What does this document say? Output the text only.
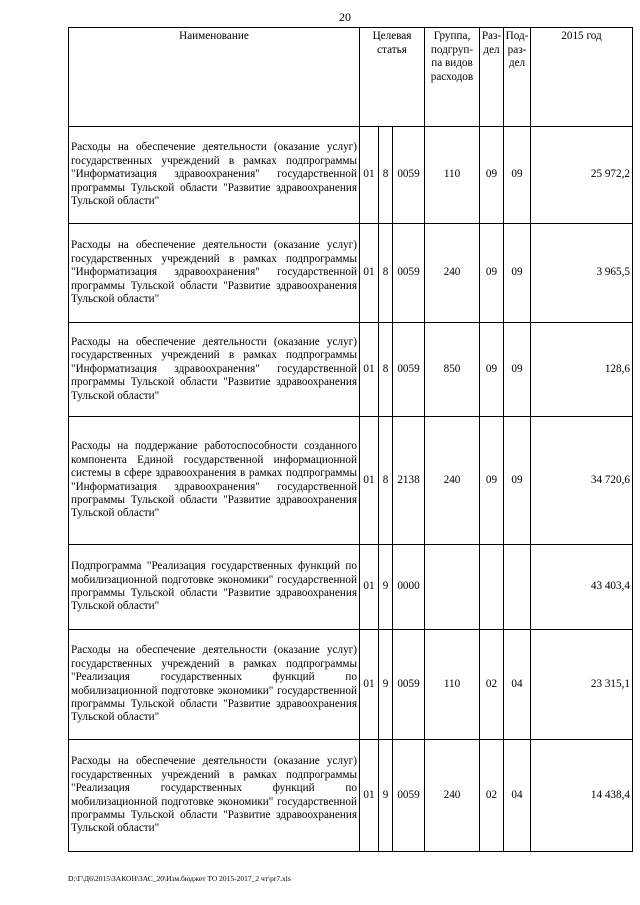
20
Наименование	Целевая статья			Группа, подгруп-па видов расходов	Раз-дел	Под-раз-дел	2015 год
Расходы на обеспечение деятельности (оказание услуг) государственных учреждений в рамках подпрограммы "Информатизация здравоохранения" государственной программы Тульской области "Развитие здравоохранения Тульской области"	01	8	0059	110	09	09	25 972,2
Расходы на обеспечение деятельности (оказание услуг) государственных учреждений в рамках подпрограммы "Информатизация здравоохранения" государственной программы Тульской области "Развитие здравоохранения Тульской области"	01	8	0059	240	09	09	3 965,5
Расходы на обеспечение деятельности (оказание услуг) государственных учреждений в рамках подпрограммы "Информатизация здравоохранения" государственной программы Тульской области "Развитие здравоохранения Тульской области"	01	8	0059	850	09	09	128,6
Расходы на поддержание работоспособности созданного компонента Единой государственной информационной системы в сфере здравоохранения в рамках подпрограммы "Информатизация здравоохранения" государственной программы Тульской области "Развитие здравоохранения Тульской области"	01	8	2138	240	09	09	34 720,6
Подпрограмма "Реализация государственных функций по мобилизационной подготовке экономики" государственной программы Тульской области "Развитие здравоохранения Тульской области"	01	9	0000				43 403,4
Расходы на обеспечение деятельности (оказание услуг) государственных учреждений в рамках подпрограммы "Реализация государственных функций по мобилизационной подготовке экономики" государственной программы Тульской области "Развитие здравоохранения Тульской области"	01	9	0059	110	02	04	23 315,1
Расходы на обеспечение деятельности (оказание услуг) государственных учреждений в рамках подпрограммы "Реализация государственных функций по мобилизационной подготовке экономики" государственной программы Тульской области "Развитие здравоохранения Тульской области"	01	9	0059	240	02	04	14 438,4
D:\Г\Д6\2015\ЗАКОН\ЗАС_20\Изм.бюджет ТО 2015-2017_2 чт\pr7.xls
